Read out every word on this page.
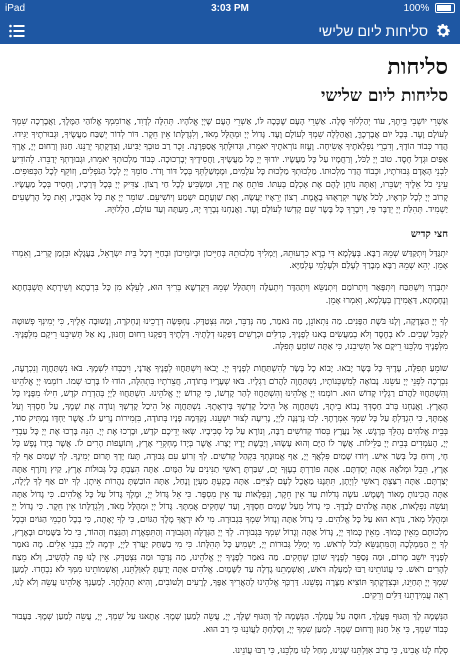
iPad	3:03 PM	100%
סליחות ליום שלישי
סליחות
סליחות ליום שלישי

אַשְׁרֵי יוֹשְׁבֵי בֵיתֶךָ, עוֹד יְהַלְלוּךָ סֶּלָה. אַשְׁרֵי הָעָם שֶׁכָּכָה לּוֹ, אַשְׁרֵי הָעָם שֶׁיְיָ אֱלֹהָיו. תְּהִלָּה לְדָוִד, אֲרוֹמִמְךָ אֱלוֹהַי הַמֶּלֶךְ, וַאֲבָרְכָה שִׁמְךָ לְעוֹלָם וָעֶד. בְּכָל יוֹם אֲבָרְכֶךָּ, וַאֲהַלְלָה שִׁמְךָ לְעוֹלָם וָעֶד. גָּדוֹל יְיָ וּמְהֻלָּל מְאֹד, וְלִגְדֻלָּתוֹ אֵין חֵקֶר. דּוֹר לְדוֹר יְשַׁבַּח מַעֲשֶׂיךָ, וּגְבוּרֹתֶיךָ יַגִּידוּ. הֲדַר כְּבוֹד הוֹדֶךָ, וְדִבְרֵי נִפְלְאֹתֶיךָ אָשִׂיחָה. וֶעֱזוּז נוֹרְאֹתֶיךָ יֹאמֵרוּ, וּגְדוּלָּתְךָ אֲסַפְּרֶנָּה. זֵכֶר רַב טוּבְךָ יַבִּיעוּ, וְצִדְקָתְךָ יְרַנֵּנוּ. חַנּוּן וְרַחוּם יְיָ, אֶרֶךְ אַפַּיִם וּגְדָל חָסֶד. טוֹב יְיָ לַכֹּל, וְרַחֲמָיו עַל כָּל מַעֲשָׂיו. יוֹדוּךָ יְיָ כָּל מַעֲשֶׂיךָ, וַחֲסִידֶיךָ יְבָרְכוּכָה. כְּבוֹד מַלְכוּתְךָ יֹאמֵרוּ, וּגְבוּרָתְךָ יְדַבֵּרוּ. לְהוֹדִיעַ לִבְנֵי הָאָדָם גְּבוּרֹתָיו, וּכְבוֹד הֲדַר מַלְכוּתוֹ. מַלְכוּתְךָ מַלְכוּת כָּל עֹלָמִים, וּמֶמְשַׁלְתְּךָ בְּכָל דּוֹר וָדֹר. סוֹמֵךְ יְיָ לְכָל הַנֹּפְלִים, וְזוֹקֵף לְכָל הַכְּפוּפִים. עֵינֵי כֹל אֵלֶיךָ יְשַׂבֵּרוּ, וְאַתָּה נוֹתֵן לָהֶם אֶת אָכְלָם בְּעִתּוֹ. פּוֹתֵחַ אֶת יָדֶךָ, וּמַשְׂבִּיעַ לְכָל חַי רָצוֹן. צַדִּיק יְיָ בְּכָל דְּרָכָיו, וְחָסִיד בְּכָל מַעֲשָׂיו. קָרוֹב יְיָ לְכָל קֹרְאָיו, לְכֹל אֲשֶׁר יִקְרָאֻהוּ בֶאֱמֶת. רְצוֹן יְרֵאָיו יַעֲשֶׂה, וְאֶת שַׁוְעָתָם יִשְׁמַע וְיוֹשִׁיעֵם. שׁוֹמֵר יְיָ אֶת כָּל אֹהֲבָיו, וְאֵת כָּל הָרְשָׁעִים יַשְׁמִיד. תְּהִלַּת יְיָ יְדַבֶּר פִּי, וִיבָרֵךְ כָּל בָּשָׂר שֵׁם קָדְשׁוֹ לְעוֹלָם וָעֶד. וַאֲנַחְנוּ נְבָרֵךְ יָהּ, מֵעַתָּה וְעַד עוֹלָם, הַלְלוּיָהּ.

חצי קדיש

יִתְגַּדַּל וְיִתְקַדַּשׁ שְׁמֵהּ רַבָּא. בְּעָלְמָא דִּי בְרָא כִרְעוּתֵהּ, וְיַמְלִיךְ מַלְכוּתֵהּ בְּחַיֵּיכוֹן וּבְיוֹמֵיכוֹן וּבְחַיֵּי דְכָל בֵּית יִשְׂרָאֵל, בַּעֲגָלָא וּבִזְמַן קָרִיב, וְאִמְרוּ אָמֵן. יְהֵא שְׁמֵהּ רַבָּא מְבָרַךְ לְעָלַם וּלְעָלְמֵי עָלְמַיָּא.

יִתְבָּרַךְ וְיִשְׁתַּבַּח וְיִתְפָּאַר וְיִתְרוֹמַם וְיִתְנַשֵּׂא וְיִתְהַדָּר וְיִתְעַלֶּה וְיִתְהַלָּל שְׁמֵהּ דְּקֻדְשָׁא בְּרִיךְ הוּא, לְעֵלָּא מִן כָּל בִּרְכָתָא וְשִׁירָתָא תֻּשְׁבְּחָתָא וְנֶחָמָתָא, דַּאֲמִירָן בְּעָלְמָא, וְאִמְרוּ אָמֵן.

לְךָ יְיָ הַצְּדָקָה, וְלָנוּ בֹּשֶׁת הַפָּנִים. מַה נִּתְאוֹנֵן, מַה נֹּאמַר, מַה נְּדַבֵּר, וּמַה נִּצְטַדָּק. נַחְפְּשָׂה דְרָכֵינוּ וְנַחְקֹרָה, וְנָשׁוּבָה אֵלֶיךָ, כִּי יְמִינְךָ פְשׁוּטָה לְקַבֵּל שָׁבִים. לֹא בְחֶסֶד וְלֹא בְמַעֲשִׂים בָּאנוּ לְפָנֶיךָ, כְּדַלִּים וּכְרָשִׁים דָּפַקְנוּ דְלָתֶיךָ. דְּלָתֶיךָ דָּפַקְנוּ רַחוּם וְחַנּוּן, נָא אַל תְּשִׁיבֵנוּ רֵיקָם מִלְּפָנֶיךָ. מִלְּפָנֶיךָ מַלְכֵּנוּ רֵיקָם אַל תְּשִׁיבֵנוּ, כִּי אַתָּה שׁוֹמֵעַ תְּפִלָּה.

שׁוֹמֵעַ תְּפִלָּה, עָדֶיךָ כָּל בָּשָׂר יָבֹאוּ. יָבוֹא כָל בָּשָׂר לְהִשְׁתַּחֲוֹת לְפָנֶיךָ יְיָ. יָבֹאוּ וְיִשְׁתַּחֲווּ לְפָנֶיךָ אֲדֹנָי, וִיכַבְּדוּ לִשְׁמֶךָ. בֹּאוּ נִשְׁתַּחֲוֶה וְנִכְרָעָה, נִבְרְכָה לִפְנֵי יְיָ עֹשֵׂנוּ. נָבוֹאָה לְמִשְׁכְּנוֹתָיו, נִשְׁתַּחֲוֶה לַהֲדֹם רַגְלָיו. בֹּאוּ שְׁעָרָיו בְּתוֹדָה, חֲצֵרֹתָיו בִּתְהִלָּה, הוֹדוּ לוֹ בָּרְכוּ שְׁמוֹ. רוֹמְמוּ יְיָ אֱלֹהֵינוּ וְהִשְׁתַּחֲווּ לַהֲדֹם רַגְלָיו קָדוֹשׁ הוּא. רוֹמְמוּ יְיָ אֱלֹהֵינוּ וְהִשְׁתַּחֲווּ לְהַר קָדְשׁוֹ, כִּי קָדוֹשׁ יְיָ אֱלֹהֵינוּ. הִשְׁתַּחֲווּ לַיְיָ בְּהַדְרַת קֹדֶשׁ, חִילוּ מִפָּנָיו כָּל הָאָרֶץ. וַאֲנַחְנוּ בְּרֹב חַסְדְּךָ נָבוֹא בֵיתֶךָ, נִשְׁתַּחֲוֶה אֶל הֵיכַל קָדְשְׁךָ בְּיִרְאָתֶךָ. נִשְׁתַּחֲוֶה אֶל הֵיכַל קָדְשְׁךָ וְנוֹדֶה אֶת שְׁמֶךָ, עַל חַסְדְּךָ וְעַל אֲמִתֶּךָ, כִּי הִגְדַּלְתָּ עַל כָּל שִׁמְךָ אִמְרָתֶךָ. לְכוּ נְרַנְּנָה לַיְיָ, נָרִיעָה לְצוּר יִשְׁעֵנוּ. נְקַדְּמָה פָנָיו בְּתוֹדָה, בִּזְמִירוֹת נָרִיעַ לוֹ. אֲשֶׁר יַחְדָּו נַמְתִּיק סוֹד, בְּבֵית אֱלֹהִים נְהַלֵּךְ בְּרָגֶשׁ. אֵל נַעֲרָץ בְּסוֹד קְדוֹשִׁים רַבָּה, וְנוֹרָא עַל כָּל סְבִיבָיו. שְׂאוּ יְדֵיכֶם קֹדֶשׁ, וּבָרְכוּ אֶת יְיָ. הִנֵּה בָּרְכוּ אֶת יְיָ כָּל עַבְדֵי יְיָ, הָעֹמְדִים בְּבֵית יְיָ בַּלֵּילוֹת. אֲשֶׁר לוֹ הַיָּם וְהוּא עָשָׂהוּ, וְיַבֶּשֶׁת יָדָיו יָצָרוּ. אֲשֶׁר בְּיָדוֹ מֶחְקְרֵי אָרֶץ, וְתוֹעֲפוֹת הָרִים לוֹ. אֲשֶׁר בְּיָדוֹ נֶפֶשׁ כָּל חָי, וְרוּחַ כָּל בְּשַׂר אִישׁ. וְיוֹדוּ שָׁמַיִם פִּלְאֲךָ יְיָ, אַף אֱמוּנָתְךָ בִּקְהַל קְדֹשִׁים. לְךָ זְרוֹעַ עִם גְּבוּרָה, תָּעֹז יָדְךָ תָּרוּם יְמִינֶךָ. לְךָ שָׁמַיִם אַף לְךָ אָרֶץ, תֵּבֵל וּמְלֹאָהּ אַתָּה יְסַדְתָּם. אַתָּה פוֹרַרְתָּ בְעָזְּךָ יָם, שִׁבַּרְתָּ רָאשֵׁי תַנִּינִים עַל הַמָּיִם. אַתָּה הִצַּבְתָּ כָּל גְּבוּלוֹת אָרֶץ, קַיִץ וָחֹרֶף אַתָּה יְצַרְתָּם. אַתָּה רִצַּצְתָּ רָאשֵׁי לִוְיָתָן, תִּתְּנֶנּוּ מַאֲכָל לְעָם לְצִיִּים. אַתָּה בָקַעְתָּ מַעְיָן וָנָחַל, אַתָּה הוֹבַשְׁתָּ נַהֲרוֹת אֵיתָן. לְךָ יוֹם אַף לְךָ לָיְלָה, אַתָּה הֲכִינוֹתָ מָאוֹר וָשָׁמֶשׁ. עֹשֶׂה גְדֹלוֹת עַד אֵין חֵקֶר, וְנִפְלָאוֹת עַד אֵין מִסְפָּר. כִּי אֵל גָּדוֹל יְיָ, וּמֶלֶךְ גָּדוֹל עַל כָּל אֱלֹהִים. כִּי גָדוֹל אַתָּה וְעֹשֵׂה נִפְלָאוֹת, אַתָּה אֱלֹהִים לְבַדֶּךָ. כִּי גָדוֹל מֵעַל שָׁמַיִם חַסְדֶּךָ, וְעַד שְׁחָקִים אֲמִתֶּךָ. גָּדוֹל יְיָ וּמְהֻלָּל מְאֹד, וְלִגְדֻלָּתוֹ אֵין חֵקֶר. כִּי גָדוֹל יְיָ וּמְהֻלָּל מְאֹד, נוֹרָא הוּא עַל כָּל אֱלֹהִים. כִּי גָדוֹל אַתָּה וְנָדוֹל שִׁמְךָ בִּגְבוּרָה. מִי לֹא יִרָאֲךָ מֶלֶךְ הַגּוֹיִם, כִּי לְךָ יָאָתָה, כִּי בְכָל חַכְמֵי הַגּוֹיִם וּבְכָל מַלְכוּתָם מֵאֵין כָּמוֹךָ. מֵאֵין כָּמוֹךָ יְיָ, גָּדוֹל אַתָּה וְגָדוֹל שִׁמְךָ בִּגְבוּרָה. לְךָ יְיָ הַגְּדֻלָּה וְהַגְּבוּרָה וְהַתִּפְאֶרֶת וְהַנֵּצַח וְהַהוֹד, כִּי כֹל בַּשָּׁמַיִם וּבָאָרֶץ, לְךָ יְיָ הַמַּמְלָכָה וְהַמִּתְנַשֵּׂא לְכֹל לְרֹאשׁ. מִי יְמַלֵּל גְּבוּרוֹת יְיָ, יַשְׁמִיעַ כָּל תְּהִלָּתוֹ. כִּי מִי בַשַּׁחַק יַעֲרֹךְ לַיְיָ, יִדְמֶה לַיְיָ בִּבְנֵי אֵלִים. מָה נֹּאמַר לְפָנֶיךָ יוֹשֵׁב מָרוֹם, וּמַה נְּסַפֵּר לְפָנֶיךָ שׁוֹכֵן שְׁחָקִים. מַה נֹּאמַר לְפָנֶיךָ יְיָ אֱלֹהֵינוּ, מַה נְּדַבֵּר וּמַה נִּצְטַדָּק. אֵין לָנוּ פֶּה לְהָשִׁיב, וְלֹא מֵצַח לְהָרִים רֹאשׁ. כִּי עֲוֹנוֹתֵינוּ רַבּוּ לְמַעְלָה רֹּאשׁ, וְאַשְׁמָתֵנוּ גָדְלָה עַד לַשָּׁמָיִם. אֱלֹהִים אַתָּה יָדַעְתָּ לְאִוַּלְתֵּנוּ, וְאַשְׁמוֹתֵינוּ מִמְּךָ לֹא נִכְחָדוּ. לְמַעַן שִׁמְךָ יְיָ תְּחַיֵּנוּ, וּבְצִדְקָתְךָ תּוֹצִיא מִצָּרָה נַפְשֵׁנוּ. דַּרְכְּךָ אֱלֹהֵינוּ לְהַאֲרִיךְ אַפֶּךָ, לָרָעִים וְלַטּוֹבִים, וְהִיא תְהִלָּתֶךָ. לְמַעַנְךָ אֱלֹהֵינוּ עֲשֵׂה וְלֹא לָנוּ, רְאֵה עֲמִידָתֵנוּ דַּלִּים וְרֵקִים.

הַנְּשָׁמָה לָךְ וְהַגּוּף פָּעֳלָךְ, חוּסָה עַל עֲמָלָךְ. הַנְּשָׁמָה לָךְ וְהַגּוּף שֶׁלָּךְ, יְיָ, עֲשֵׂה לְמַעַן שְׁמֶךָ. אָתָאנוּ עַל שִׁמְךָ, יְיָ, עֲשֵׂה לְמַעַן שְׁמֶךָ. בַּעֲבוּר כְּבוֹד שִׁמְךָ, כִּי אֵל חַנּוּן וְרַחוּם שְׁמֶךָ. לְמַעַן שִׁמְךָ יְיָ, וְסָלַחְתָּ לַעֲוֹנֵנוּ כִּי רַב הוּא.

סְלַח לָנוּ אָבִינוּ, כִּי בְרֹב אִוַּלְתֵּנוּ שָׁגִינוּ, מְחַל לָנוּ מַלְכֵּנוּ, כִּי רַבּוּ עֲוֹנֵינוּ.
